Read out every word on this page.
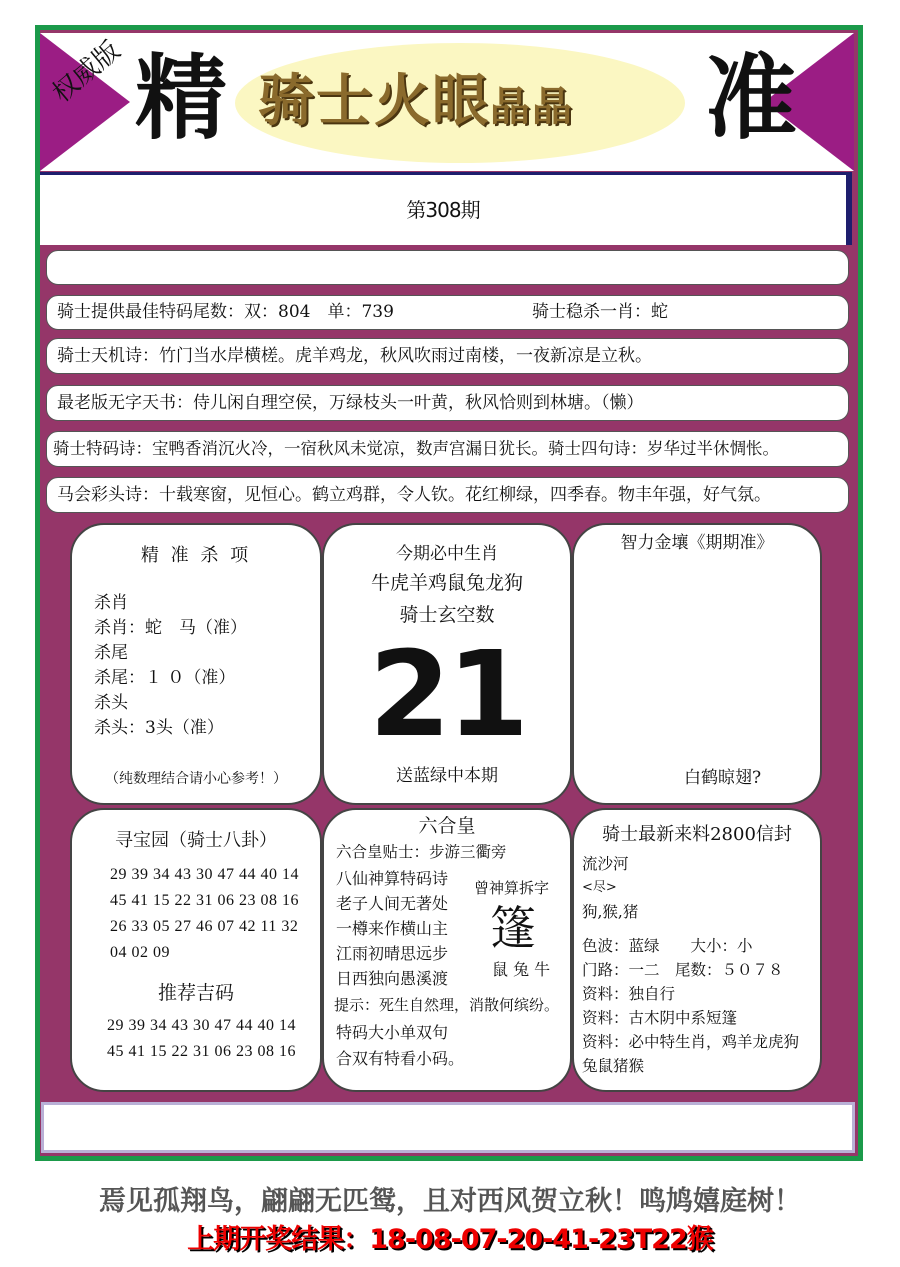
权威版 精 骑士火眼晶晶 准
第308期
骑士提供最佳特码尾数：双：804　单：739	骑士稳杀一肖：蛇
骑士天机诗：竹门当水岸横槎。虎羊鸡龙，秋风吹雨过南楼，一夜新凉是立秋。
最老版无字天书：侍儿闲自理空侯，万绿枝头一叶黄，秋风恰则到林塘。（懒）
骑士特码诗：宝鸭香消沉火冷，一宿秋风未觉凉，数声宫漏日犹长。骑士四句诗：岁华过半休惆怅。
马会彩头诗：十载寒窗，见恒心。鹤立鸡群，令人钦。花红柳绿，四季春。物丰年强，好气氛。
精 准 杀 项
杀肖
杀肖：蛇　马（准）
杀尾
杀尾：１ ０（准）
杀头
杀头：3头（准）
（纯数理结合请小心参考！）
今期必中生肖
牛虎羊鸡鼠兔龙狗
骑士玄空数
21
送蓝绿中本期
智力金壤《期期准》
白鹤晾翅?
寻宝园（骑士八卦）
29 39 34 43 30 47 44 40 14
45 41 15 22 31 06 23 08 16
26 33 05 27 46 07 42 11 32
04 02 09
推荐吉码
29 39 34 43 30 47 44 40 14
45 41 15 22 31 06 23 08 16
六合皇
六合皇贴士：步游三衢旁
八仙神算特码诗
老子人间无著处
一樽来作横山主
江雨初晴思远步
日西独向愚溪渡
提示：死生自然理，消散何缤纷。
特码大小单双句
合双有特看小码。
曾神算拆字
篷
鼠 兔 牛
骑士最新来料2800信封
流沙河
<尽>
狗,猴,猪
色波：蓝绿　　大小：小
门路：一二　尾数：５０７８
资料：独自行
资料：古木阴中系短篷
资料：必中特生肖，鸡羊龙虎狗
兔鼠猪猴
焉见孤翔鸟，翩翩无匹鸳，且对西风贺立秋！鸣鸠嬉庭树！
上期开奖结果：18-08-07-20-41-23T22猴
